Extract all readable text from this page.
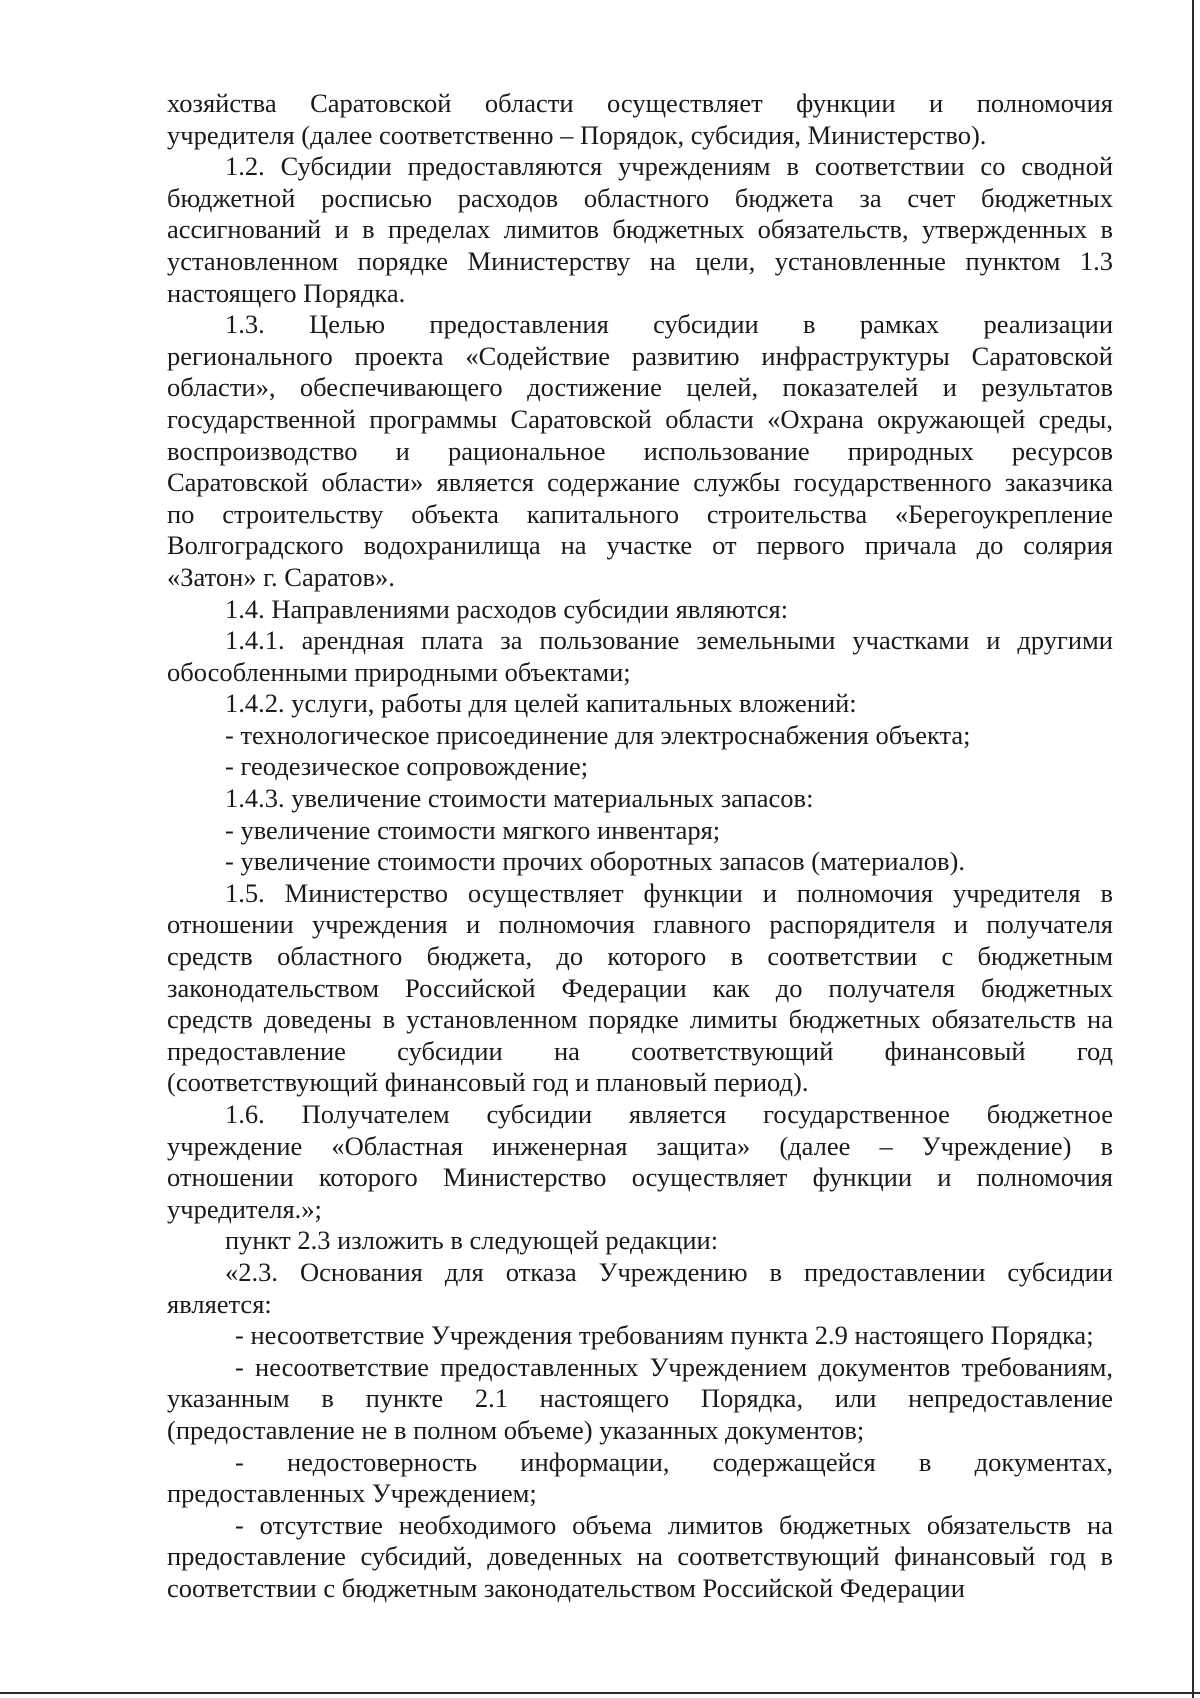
хозяйства Саратовской области осуществляет функции и полномочия
учредителя (далее соответственно – Порядок, субсидия, Министерство).

1.2. Субсидии предоставляются учреждениям в соответствии со сводной
бюджетной росписью расходов областного бюджета за счет бюджетных
ассигнований и в пределах лимитов бюджетных обязательств, утвержденных в
установленном порядке Министерству на цели, установленные пунктом 1.3
настоящего Порядка.

1.3. Целью предоставления субсидии в рамках реализации
регионального проекта «Содействие развитию инфраструктуры Саратовской
области», обеспечивающего достижение целей, показателей и результатов
государственной программы Саратовской области «Охрана окружающей среды,
воспроизводство и рациональное использование природных ресурсов
Саратовской области» является содержание службы государственного заказчика
по строительству объекта капитального строительства «Берегоукрепление
Волгоградского водохранилища на участке от первого причала до солярия
«Затон» г. Саратов».

1.4. Направлениями расходов субсидии являются:

1.4.1. арендная плата за пользование земельными участками и другими
обособленными природными объектами;

1.4.2. услуги, работы для целей капитальных вложений:

- технологическое присоединение для электроснабжения объекта;

- геодезическое сопровождение;

1.4.3. увеличение стоимости материальных запасов:

- увеличение стоимости мягкого инвентаря;

- увеличение стоимости прочих оборотных запасов (материалов).

1.5. Министерство осуществляет функции и полномочия учредителя в
отношении учреждения и полномочия главного распорядителя и получателя
средств областного бюджета, до которого в соответствии с бюджетным
законодательством Российской Федерации как до получателя бюджетных
средств доведены в установленном порядке лимиты бюджетных обязательств на
предоставление субсидии на соответствующий финансовый год
(соответствующий финансовый год и плановый период).

1.6. Получателем субсидии является государственное бюджетное
учреждение «Областная инженерная защита» (далее – Учреждение) в
отношении которого Министерство осуществляет функции и полномочия
учредителя.»;

пункт 2.3 изложить в следующей редакции:

«2.3. Основания для отказа Учреждению в предоставлении субсидии
является:

- несоответствие Учреждения требованиям пункта 2.9 настоящего Порядка;

- несоответствие предоставленных Учреждением документов требованиям,
указанным в пункте 2.1 настоящего Порядка, или непредоставление
(предоставление не в полном объеме) указанных документов;

- недостоверность информации, содержащейся в документах,
предоставленных Учреждением;

- отсутствие необходимого объема лимитов бюджетных обязательств на
предоставление субсидий, доведенных на соответствующий финансовый год в
соответствии с бюджетным законодательством Российской Федерации
